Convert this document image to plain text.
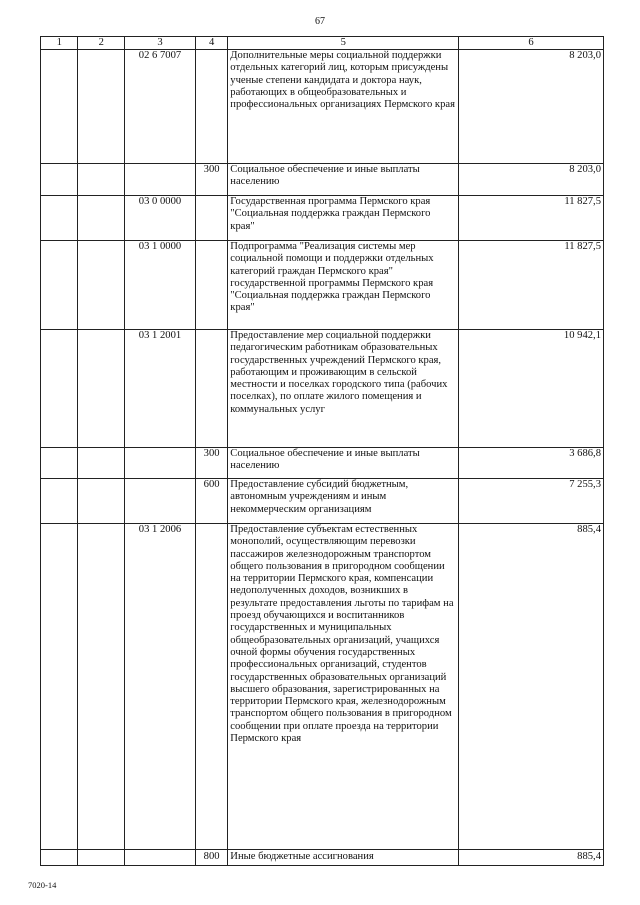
67
1	2	3	4	5	6
		02 6 7007		Дополнительные меры социальной поддержки отдельных категорий лиц, которым присуждены ученые степени кандидата и доктора наук, работающих в общеобразовательных и профессиональных организациях Пермского края	8 203,0
			300	Социальное обеспечение и иные выплаты населению	8 203,0
		03 0 0000		Государственная программа Пермского края "Социальная поддержка граждан Пермского края"	11 827,5
		03 1 0000		Подпрограмма "Реализация системы мер социальной помощи и поддержки отдельных категорий граждан Пермского края" государственной программы Пермского края "Социальная поддержка граждан Пермского края"	11 827,5
		03 1 2001		Предоставление мер социальной поддержки педагогическим работникам образовательных государственных учреждений Пермского края, работающим и проживающим в сельской местности и поселках городского типа (рабочих поселках), по оплате жилого помещения и коммунальных услуг	10 942,1
			300	Социальное обеспечение и иные выплаты населению	3 686,8
			600	Предоставление субсидий бюджетным, автономным учреждениям и иным некоммерческим организациям	7 255,3
		03 1 2006		Предоставление субъектам естественных монополий, осуществляющим перевозки пассажиров железнодорожным транспортом общего пользования в пригородном сообщении на территории Пермского края, компенсации недополученных доходов, возникших в результате предоставления льготы по тарифам на проезд обучающихся и воспитанников государственных и муниципальных общеобразовательных организаций, учащихся очной формы обучения государственных профессиональных организаций, студентов государственных образовательных организаций высшего образования, зарегистрированных на территории Пермского края, железнодорожным транспортом общего пользования в пригородном сообщении при оплате проезда на территории Пермского края	885,4
			800	Иные бюджетные ассигнования	885,4
7020-14
